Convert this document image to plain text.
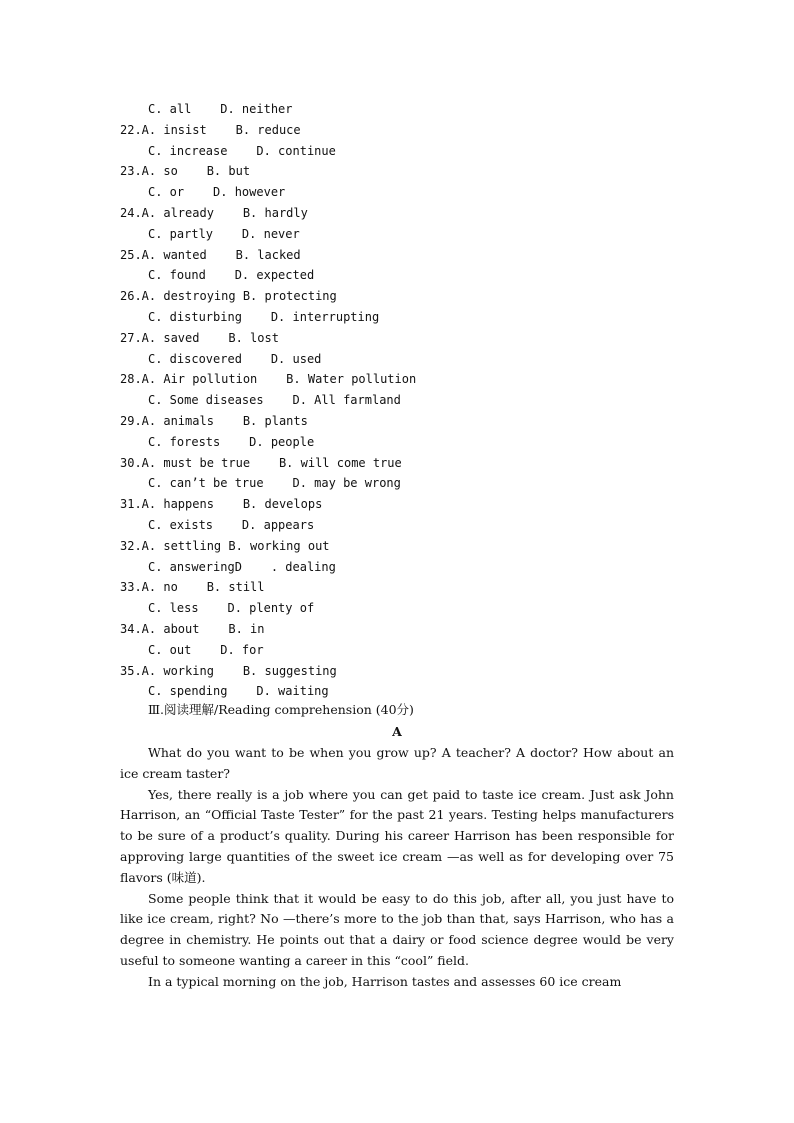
C. all    D. neither
22.A. insist    B. reduce
C. increase    D. continue
23.A. so    B. but
C. or    D. however
24.A. already    B. hardly
C. partly    D. never
25.A. wanted    B. lacked
C. found    D. expected
26.A. destroying B. protecting
C. disturbing    D. interrupting
27.A. saved    B. lost
C. discovered    D. used
28.A. Air pollution    B. Water pollution
C. Some diseases    D. All farmland
29.A. animals    B. plants
C. forests    D. people
30.A. must be true    B. will come true
C. can’t be true    D. may be wrong
31.A. happens    B. develops
C. exists    D. appears
32.A. settling B. working out
C. answeringD    . dealing
33.A. no    B. still
C. less    D. plenty of
34.A. about    B. in
C. out    D. for
35.A. working    B. suggesting
C. spending    D. waiting
Ⅲ.阅读理解/Reading comprehension (40分)
A

What do you want to be when you grow up? A teacher? A doctor? How about an ice cream taster?

Yes, there really is a job where you can get paid to taste ice cream. Just ask John Harrison, an “Official Taste Tester” for the past 21 years. Testing helps manufacturers to be sure of a product’s quality. During his career Harrison has been responsible for approving large quantities of the sweet ice cream —as well as for developing over 75 flavors (味道).

Some people think that it would be easy to do this job, after all, you just have to like ice cream, right? No —there’s more to the job than that, says Harrison, who has a degree in chemistry. He points out that a dairy or food science degree would be very useful to someone wanting a career in this “cool” field.

In a typical morning on the job, Harrison tastes and assesses 60 ice cream
